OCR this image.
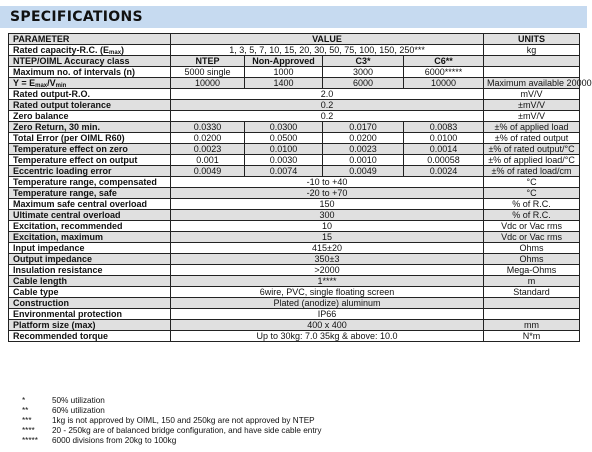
SPECIFICATIONS
PARAMETER	VALUE				UNITS
Rated capacity-R.C. $(E_{max})$	1, 3, 5, 7, 10, 15, 20, 30, 50, 75, 100, 150, 250***				kg
NTEP/OIML Accuracy class	NTEP	Non-Approved	C3*	C6**	
Maximum no. of intervals (n)	5000 single	1000	3000	6000*****	
$Y = E_{max}/V_{min}$	10000	1400	6000	10000	Maximum available 20000
Rated output-R.O.	2.0				mV/V
Rated output tolerance	0.2				±mV/V
Zero balance	0.2				±mV/V
Zero Return, 30 min.	0.0330	0.0300	0.0170	0.0083	±% of applied load
Total Error (per OIML R60)	0.0200	0.0500	0.0200	0.0100	±% of rated output
Temperature effect on zero	0.0023	0.0100	0.0023	0.0014	±% of rated output/°C
Temperature effect on output	0.001	0.0030	0.0010	0.00058	±% of applied load/°C
Eccentric loading error	0.0049	0.0074	0.0049	0.0024	±% of rated load/cm
Temperature range, compensated	-10 to +40				°C
Temperature range, safe	-20 to +70				°C
Maximum safe central overload	150				% of R.C.
Ultimate central overload	300				% of R.C.
Excitation, recommended	10				Vdc or Vac rms
Excitation, maximum	15				Vdc or Vac rms
Input impedance	415±20				Ohms
Output impedance	350±3				Ohms
Insulation resistance	>2000				Mega-Ohms
Cable length	1****				m
Cable type	6wire, PVC, single floating screen				Standard
Construction	Plated (anodize) aluminum				
Environmental protection	IP66				
Platform size (max)	400 x 400				mm
Recommended torque	Up to 30kg: 7.0 35kg & above: 10.0				N*m
*	50% utilization
**	60% utilization
***	1kg is not approved by OIML, 150 and 250kg are not approved by NTEP
****	20 - 250kg are of balanced bridge configuration, and have side cable entry
*****	6000 divisions from 20kg to 100kg
